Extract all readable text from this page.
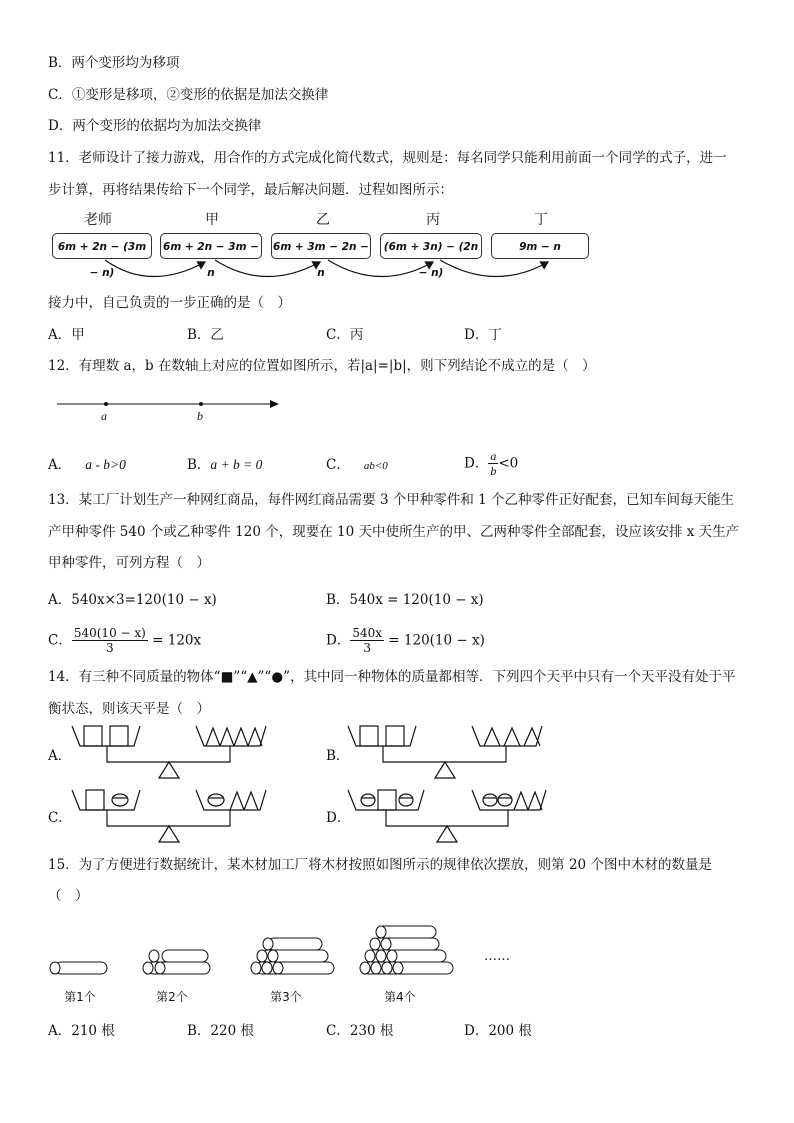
B．两个变形均为移项
C．①变形是移项，②变形的依据是加法交换律
D．两个变形的依据均为加法交换律
11．老师设计了接力游戏，用合作的方式完成化简代数式，规则是：每名同学只能利用前面一个同学的式子，进一
步计算，再将结果传给下一个同学，最后解决问题．过程如图所示：
老师	甲	乙	丙	丁
6m + 2n − (3m − n)
6m + 2n − 3m − n
6m + 3m − 2n − n
(6m + 3n) − (2n − n)
9m − n
接力中，自己负责的一步正确的是（　）
A．甲	B．乙	C．丙	D．丁
12．有理数 a，b 在数轴上对应的位置如图所示，若|a|=|b|，则下列结论不成立的是（　）
a	b
A． a - b>0	B．a + b = 0	C． ab<0	D． $\frac{a}{b} <0$
13．某工厂计划生产一种网红商品，每件网红商品需要 3 个甲种零件和 1 个乙种零件正好配套，已知车间每天能生
产甲种零件 540 个或乙种零件 120 个，现要在 10 天中使所生产的甲、乙两种零件全部配套，设应该安排 x 天生产
甲种零件，可列方程（　）
A．540x×3=120(10 − x)	B．540x = 120(10 − x)
C． $\frac{540(10 - x)}{3} = 120x$	D． $\frac{540x}{3} = 120(10 - x)$
14．有三种不同质量的物体“■”“▲”“●”，其中同一种物体的质量都相等．下列四个天平中只有一个天平没有处于平
衡状态，则该天平是（　）
A．	B．
C．	D．
15．为了方便进行数据统计，某木材加工厂将木材按照如图所示的规律依次摆放，则第 20 个图中木材的数量是
（　）
……
第1个	第2个	第3个	第4个
A．210 根	B．220 根	C．230 根	D．200 根
